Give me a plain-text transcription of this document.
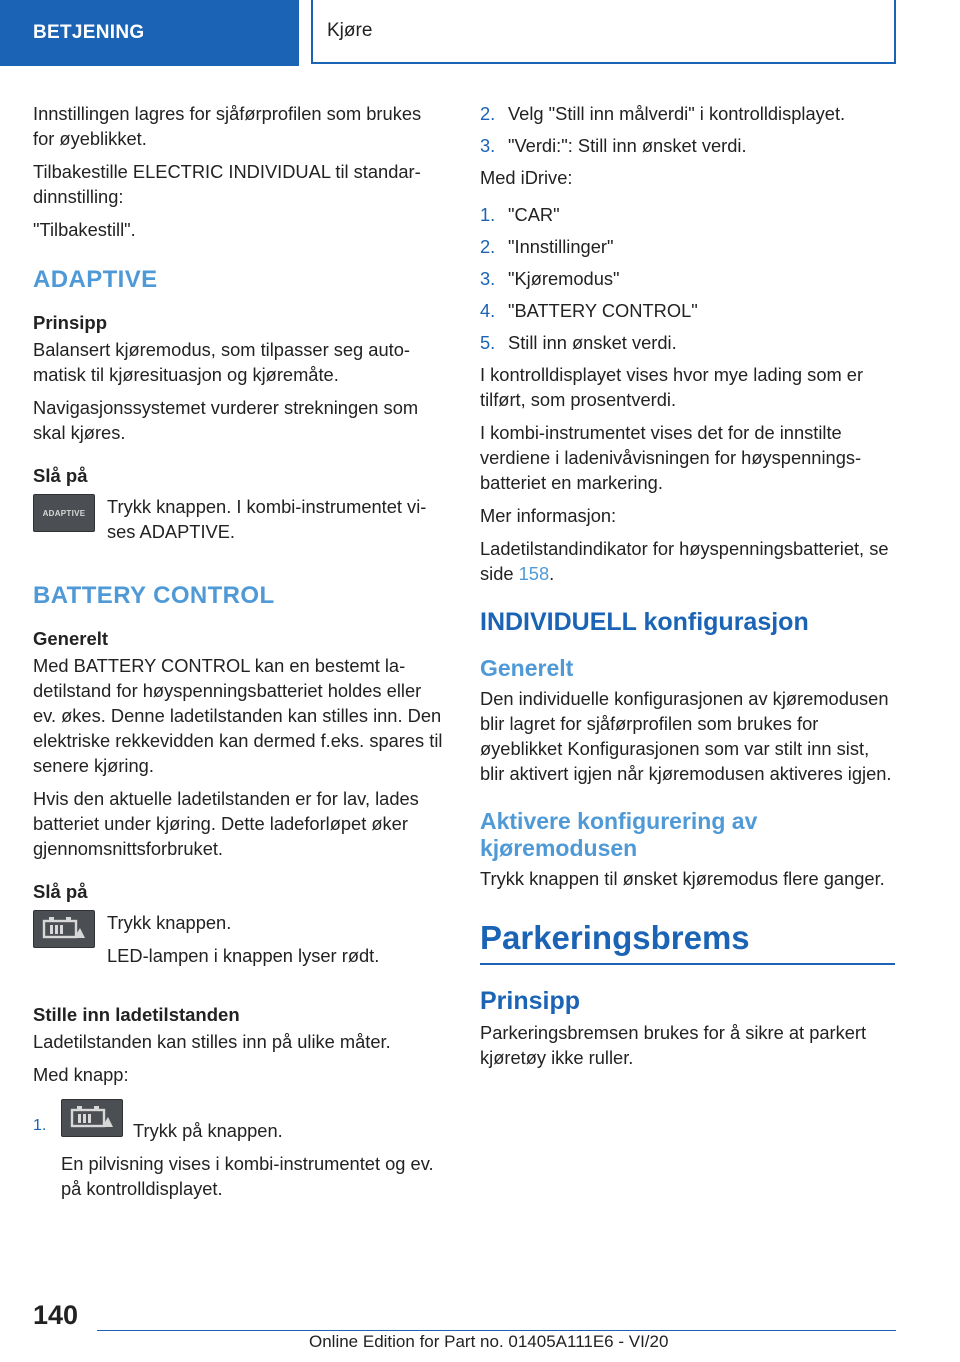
BETJENING	Kjøre

Innstillingen lagres for sjåførprofilen som brukes for øyeblikket.

Tilbakestille ELECTRIC INDIVIDUAL til standardinnstilling:

"Tilbakestill".

ADAPTIVE
Prinsipp

Balansert kjøremodus, som tilpasser seg automatisk til kjøresituasjon og kjøremåte.

Navigasjonssystemet vurderer strekningen som skal kjøres.

Slå på
ADAPTIVE Trykk knappen. I kombi-instrumentet vises ADAPTIVE.

BATTERY CONTROL
Generelt

Med BATTERY CONTROL kan en bestemt ladetilstand for høyspenningsbatteriet holdes eller ev. økes. Denne ladetilstanden kan stilles inn. Den elektriske rekkevidden kan dermed f.eks. spares til senere kjøring.

Hvis den aktuelle ladetilstanden er for lav, lades batteriet under kjøring. Dette ladeforløpet øker gjennomsnittsforbruket.

Slå på

Trykk knappen.

LED-lampen i knappen lyser rødt.

Stille inn ladetilstanden

Ladetilstanden kan stilles inn på ulike måter.

Med knapp:

1.	Trykk på knappen.

En pilvisning vises i kombi-instrumentet og ev. på kontrolldisplayet.

2. Velg "Still inn målverdi" i kontrolldisplayet.
3. "Verdi:": Still inn ønsket verdi.

Med iDrive:

1. "CAR"
2. "Innstillinger"
3. "Kjøremodus"
4. "BATTERY CONTROL"
5. Still inn ønsket verdi.

I kontrolldisplayet vises hvor mye lading som er tilført, som prosentverdi.

I kombi-instrumentet vises det for de innstilte verdiene i ladenivåvisningen for høyspenningsbatteriet en markering.

Mer informasjon:

Ladetilstandindikator for høyspenningsbatteriet, se side 158.

INDIVIDUELL konfigurasjon
Generelt

Den individuelle konfigurasjonen av kjøremodusen blir lagret for sjåførprofilen som brukes for øyeblikket Konfigurasjonen som var stilt inn sist, blir aktivert igjen når kjøremodusen aktiveres igjen.

Aktivere konfigurering av kjøremodusen

Trykk knappen til ønsket kjøremodus flere ganger.

Parkeringsbrems
Prinsipp

Parkeringsbremsen brukes for å sikre at parkert kjøretøy ikke ruller.

140
Online Edition for Part no. 01405A111E6 - VI/20
